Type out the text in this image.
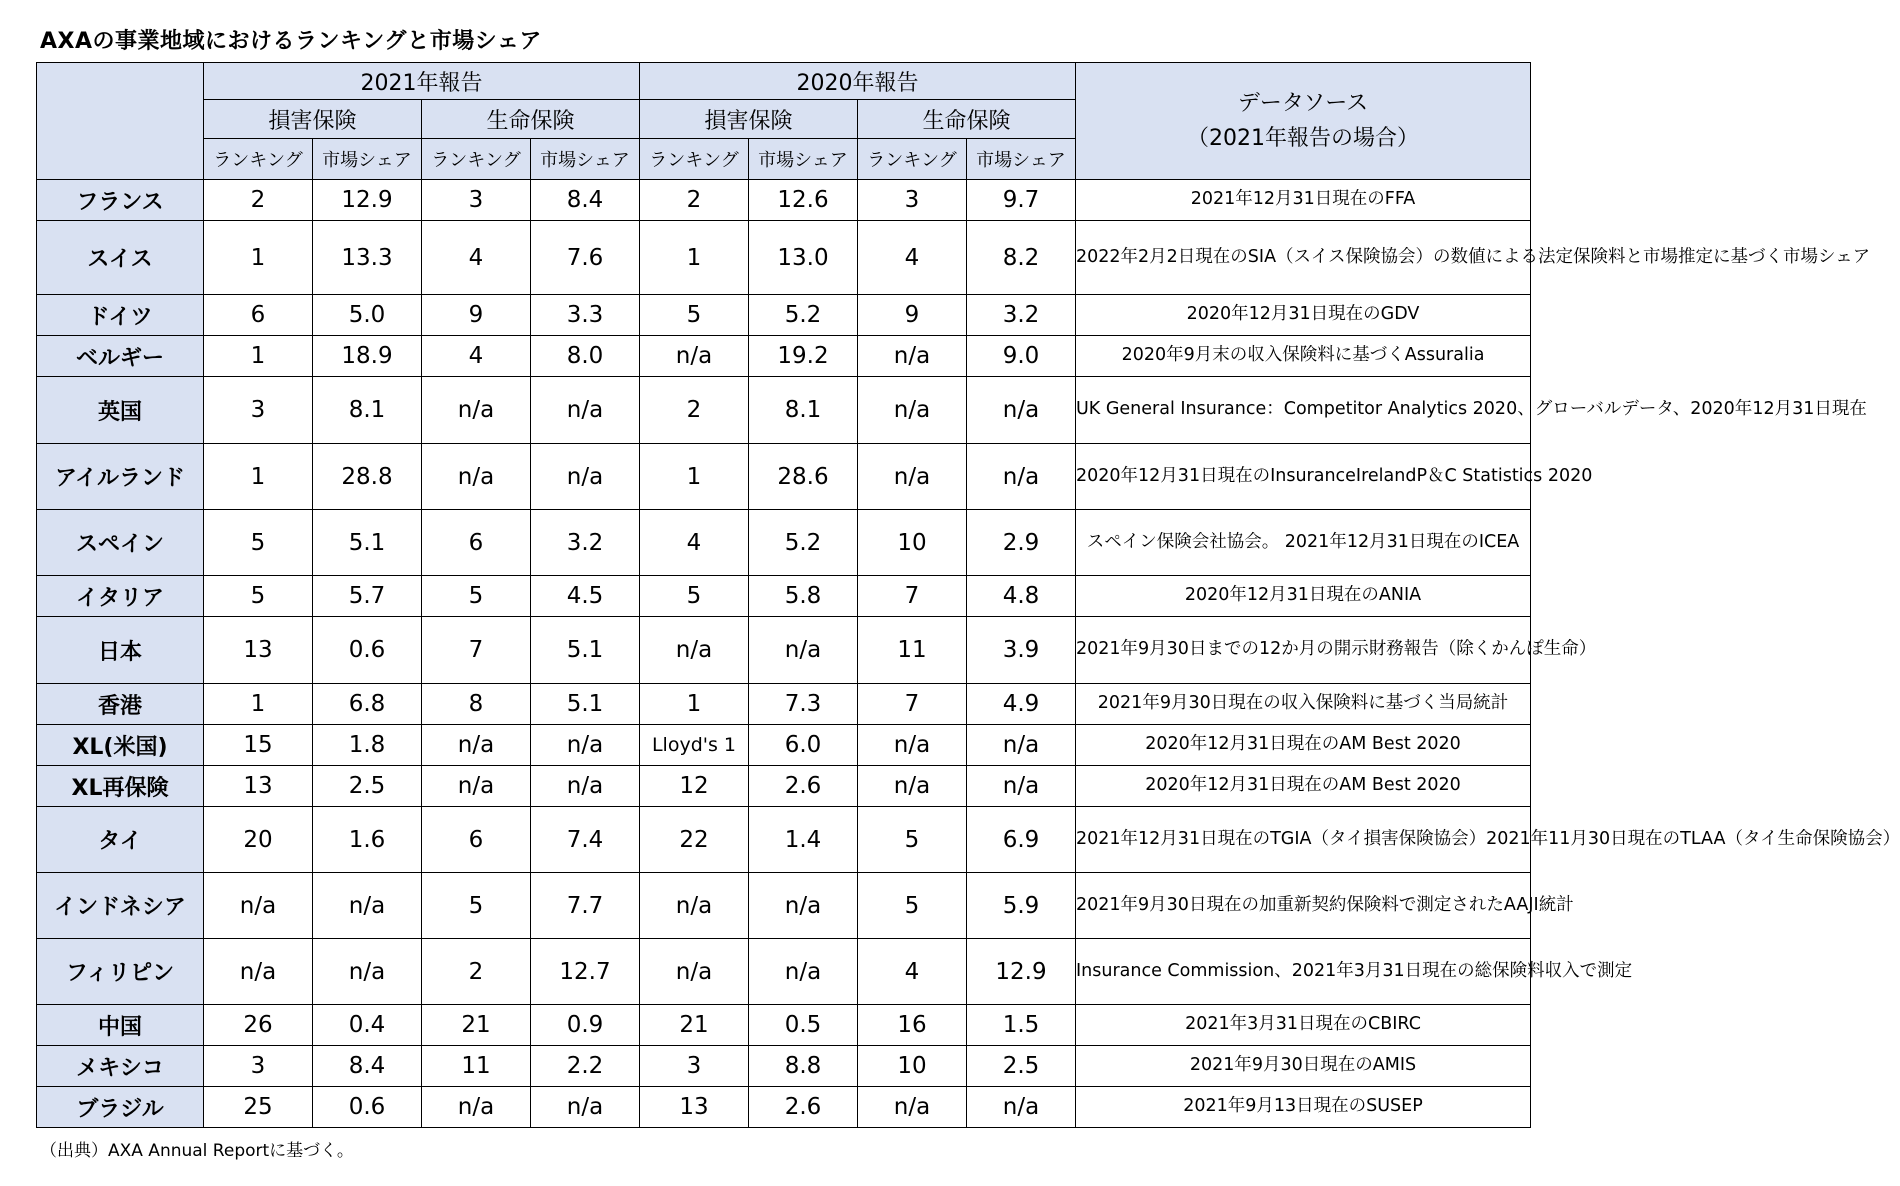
AXAの事業地域におけるランキングと市場シェア
	2021年報告				2020年報告				データソース
（2021年報告の場合）

	損害保険		生命保険		損害保険		生命保険		
	ランキング	市場シェア	ランキング	市場シェア	ランキング	市場シェア	ランキング	市場シェア	
フランス	2	12.9	3	8.4	2	12.6	3	9.7	2021年12月31日現在のFFA
スイス	1	13.3	4	7.6	1	13.0	4	8.2	2022年2月2日現在のSIA（スイス保険協会）の数値による法定保険料と市場推定に基づく市場シェア
ドイツ	6	5.0	9	3.3	5	5.2	9	3.2	2020年12月31日現在のGDV
ベルギー	1	18.9	4	8.0	n/a	19.2	n/a	9.0	2020年9月末の収入保険料に基づくAssuralia
英国	3	8.1	n/a	n/a	2	8.1	n/a	n/a	UK General Insurance：Competitor Analytics 2020、グローバルデータ、2020年12月31日現在
アイルランド	1	28.8	n/a	n/a	1	28.6	n/a	n/a	2020年12月31日現在のInsuranceIrelandP＆C Statistics 2020
スペイン	5	5.1	6	3.2	4	5.2	10	2.9	スペイン保険会社協会。 2021年12月31日現在のICEA
イタリア	5	5.7	5	4.5	5	5.8	7	4.8	2020年12月31日現在のANIA
日本	13	0.6	7	5.1	n/a	n/a	11	3.9	2021年9月30日までの12か月の開示財務報告（除くかんぽ生命）
香港	1	6.8	8	5.1	1	7.3	7	4.9	2021年9月30日現在の収入保険料に基づく当局統計
XL(米国)	15	1.8	n/a	n/a	Lloyd's 1	6.0	n/a	n/a	2020年12月31日現在のAM Best 2020
XL再保険	13	2.5	n/a	n/a	12	2.6	n/a	n/a	2020年12月31日現在のAM Best 2020
タイ	20	1.6	6	7.4	22	1.4	5	6.9	2021年12月31日現在のTGIA（タイ損害保険協会）2021年11月30日現在のTLAA（タイ生命保険協会）
インドネシア	n/a	n/a	5	7.7	n/a	n/a	5	5.9	2021年9月30日現在の加重新契約保険料で測定されたAAJI統計
フィリピン	n/a	n/a	2	12.7	n/a	n/a	4	12.9	Insurance Commission、2021年3月31日現在の総保険料収入で測定
中国	26	0.4	21	0.9	21	0.5	16	1.5	2021年3月31日現在のCBIRC
メキシコ	3	8.4	11	2.2	3	8.8	10	2.5	2021年9月30日現在のAMIS
ブラジル	25	0.6	n/a	n/a	13	2.6	n/a	n/a	2021年9月13日現在のSUSEP
（出典）AXA Annual Reportに基づく。
